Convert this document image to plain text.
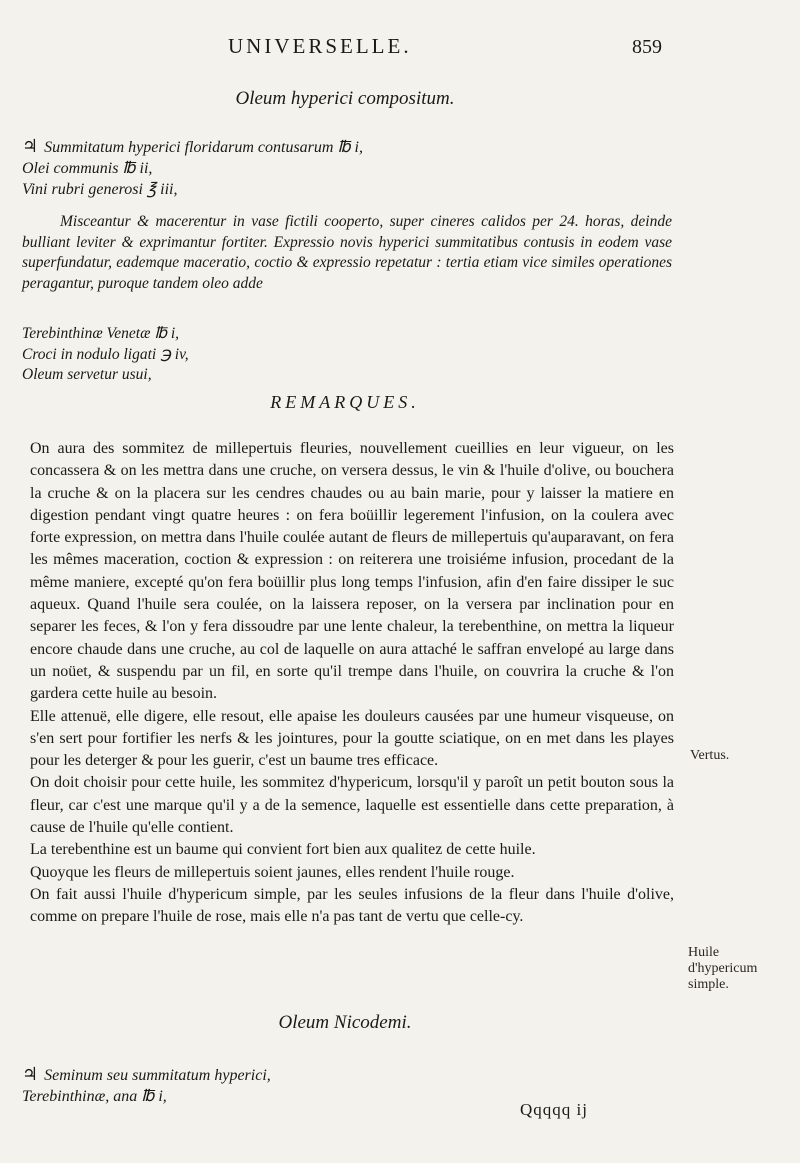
UNIVERSELLE.	859
Oleum hyperici compositum.
♃ Summitatum hyperici floridarum contusarum ℔ i,
Olei communis ℔ ii,
Vini rubri generosi ℥ iii,

Misceantur & macerentur in vase fictili cooperto, super cineres calidos per 24. horas, deinde bulliant leviter & exprimantur fortiter. Expressio novis hyperici summitatibus contusis in eodem vase superfundatur, eademque maceratio, coctio & expressio repetatur : tertia etiam vice similes operationes peragantur, puroque tandem oleo adde

Terebinthinæ Venetæ ℔ i,
Croci in nodulo ligati ℈ iv,
Oleum servetur usui,
REMARQUES.

On aura des sommitez de millepertuis fleuries, nouvellement cueillies en leur vigueur, on les concassera & on les mettra dans une cruche, on versera dessus, le vin & l'huile d'olive, ou bouchera la cruche & on la placera sur les cendres chaudes ou au bain marie, pour y laisser la matiere en digestion pendant vingt quatre heures : on fera boüillir legerement l'infusion, on la coulera avec forte expression, on mettra dans l'huile coulée autant de fleurs de millepertuis qu'auparavant, on fera les mêmes maceration, coction & expression : on reiterera une troisiéme infusion, procedant de la même maniere, excepté qu'on fera boüillir plus long temps l'infusion, afin d'en faire dissiper le suc aqueux. Quand l'huile sera coulée, on la laissera reposer, on la versera par inclination pour en separer les feces, & l'on y fera dissoudre par une lente chaleur, la terebenthine, on mettra la liqueur encore chaude dans une cruche, au col de laquelle on aura attaché le saffran envelopé au large dans un noüet, & suspendu par un fil, en sorte qu'il trempe dans l'huile, on couvrira la cruche & l'on gardera cette huile au besoin.

Elle attenuë, elle digere, elle resout, elle apaise les douleurs causées par une humeur visqueuse, on s'en sert pour fortifier les nerfs & les jointures, pour la goutte sciatique, on en met dans les playes pour les deterger & pour les guerir, c'est un baume tres efficace.

On doit choisir pour cette huile, les sommitez d'hypericum, lorsqu'il y paroît un petit bouton sous la fleur, car c'est une marque qu'il y a de la semence, laquelle est essentielle dans cette preparation, à cause de l'huile qu'elle contient.

La terebenthine est un baume qui convient fort bien aux qualitez de cette huile.

Quoyque les fleurs de millepertuis soient jaunes, elles rendent l'huile rouge.

On fait aussi l'huile d'hypericum simple, par les seules infusions de la fleur dans l'huile d'olive, comme on prepare l'huile de rose, mais elle n'a pas tant de vertu que celle-cy.

Vertus.
Huile d'hypericum simple.
Oleum Nicodemi.
♃ Seminum seu summitatum hyperici,
Terebinthinæ, ana ℔ i,
Qqqqq ij
